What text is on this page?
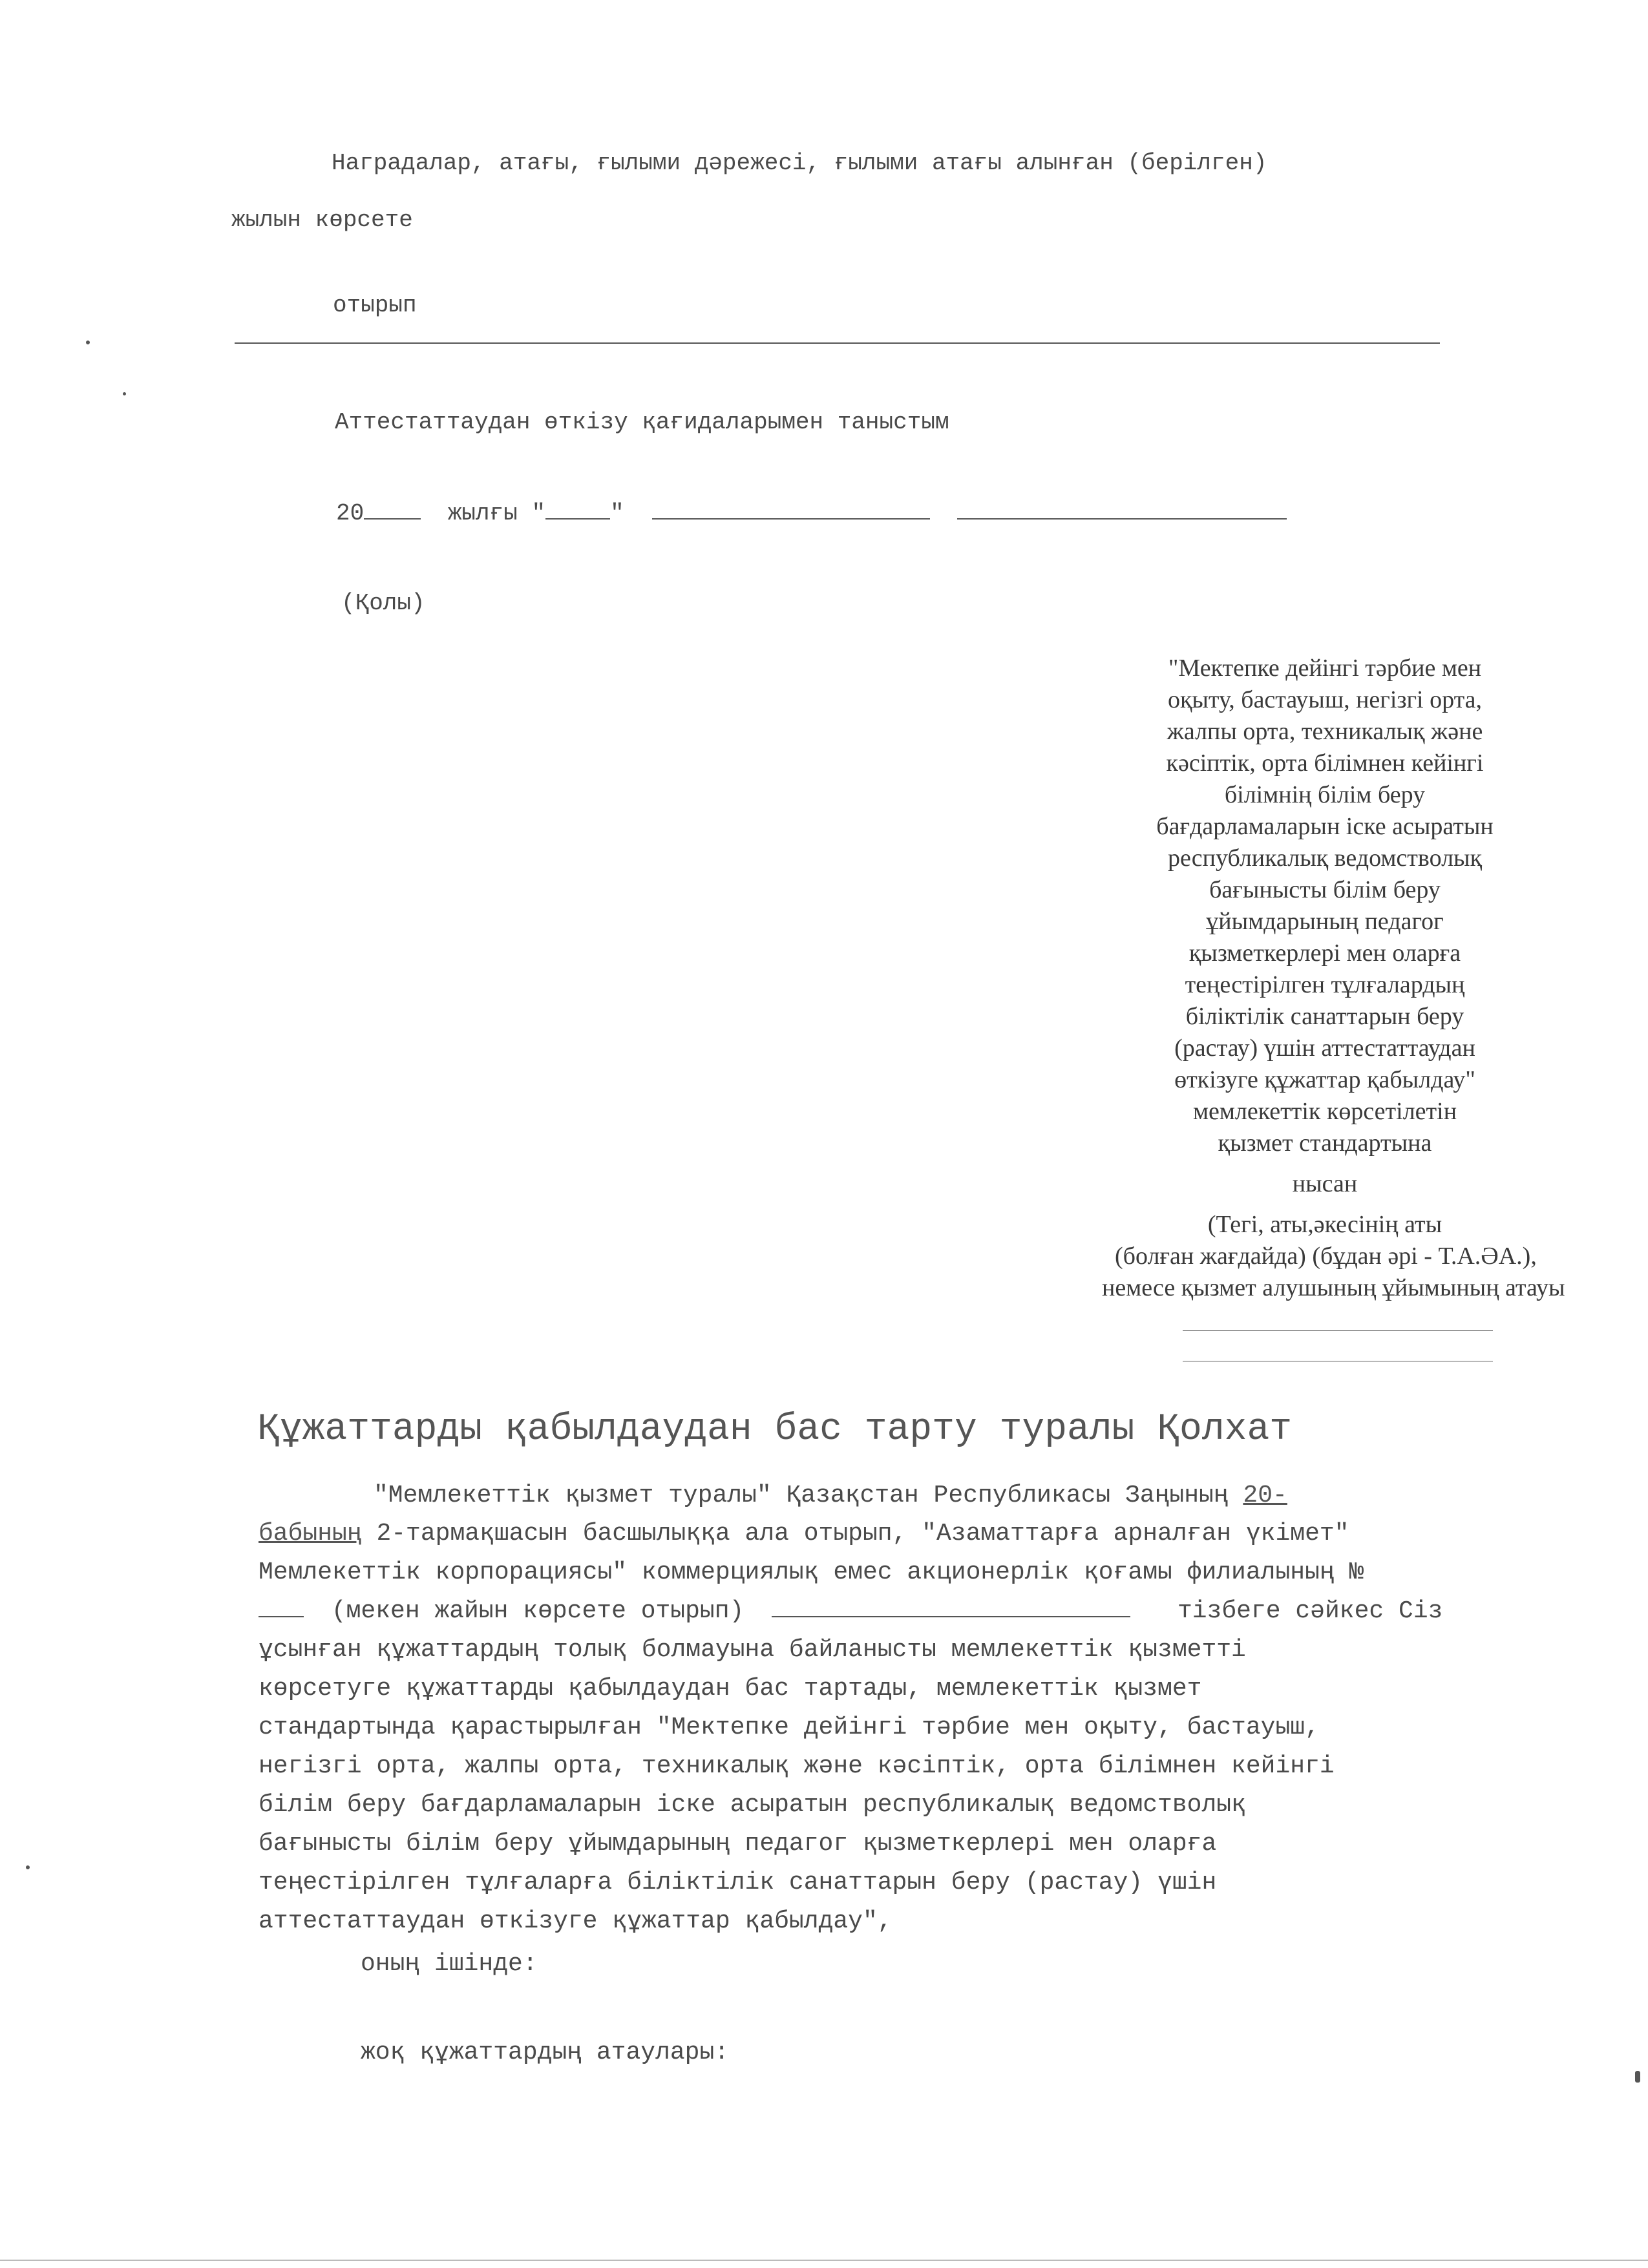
Наградалар, атағы, ғылыми дәрежесі, ғылыми атағы алынған (берілген)
жылын көрсете
отырып
Аттестаттаудан өткізу қағидаларымен таныстым
20	жылғы "	"
(Қолы)
"Мектепке дейінгі тәрбие мен
оқыту, бастауыш, негізгі орта,
жалпы орта, техникалық және
кәсіптік, орта білімнен кейінгі
білімнің білім беру
бағдарламаларын іске асыратын
республикалық ведомстволық
бағынысты білім беру
ұйымдарының педагог
қызметкерлері мен оларға
теңестірілген тұлғалардың
біліктілік санаттарын беру
(растау) үшін аттестаттаудан
өткізуге құжаттар қабылдау"
мемлекеттік көрсетілетін
қызмет стандартына
нысан
(Тегі, аты,әкесінің аты
(болған жағдайда) (бұдан әрі - Т.А.ӘА.),
немесе қызмет алушының ұйымының атауы
Құжаттарды қабылдаудан бас тарту туралы Қолхат
"Мемлекеттік қызмет туралы" Қазақстан Республикасы Заңының 20-
бабының 2-тармақшасын басшылыққа ала отырып, "Азаматтарға арналған үкімет"
Мемлекеттік корпорациясы" коммерциялық емес акционерлік қоғамы филиалының №
(мекен жайын көрсете отырып)	тізбеге сәйкес Сіз
ұсынған құжаттардың толық болмауына байланысты мемлекеттік қызметті
көрсетуге құжаттарды қабылдаудан бас тартады, мемлекеттік қызмет
стандартында қарастырылған "Мектепке дейінгі тәрбие мен оқыту, бастауыш,
негізгі орта, жалпы орта, техникалық және кәсіптік, орта білімнен кейінгі
білім беру бағдарламаларын іске асыратын республикалық ведомстволық
бағынысты білім беру ұйымдарының педагог қызметкерлері мен оларға
теңестірілген тұлғаларға біліктілік санаттарын беру (растау) үшін
аттестаттаудан өткізуге құжаттар қабылдау",
оның ішінде:
жоқ құжаттардың атаулары:
